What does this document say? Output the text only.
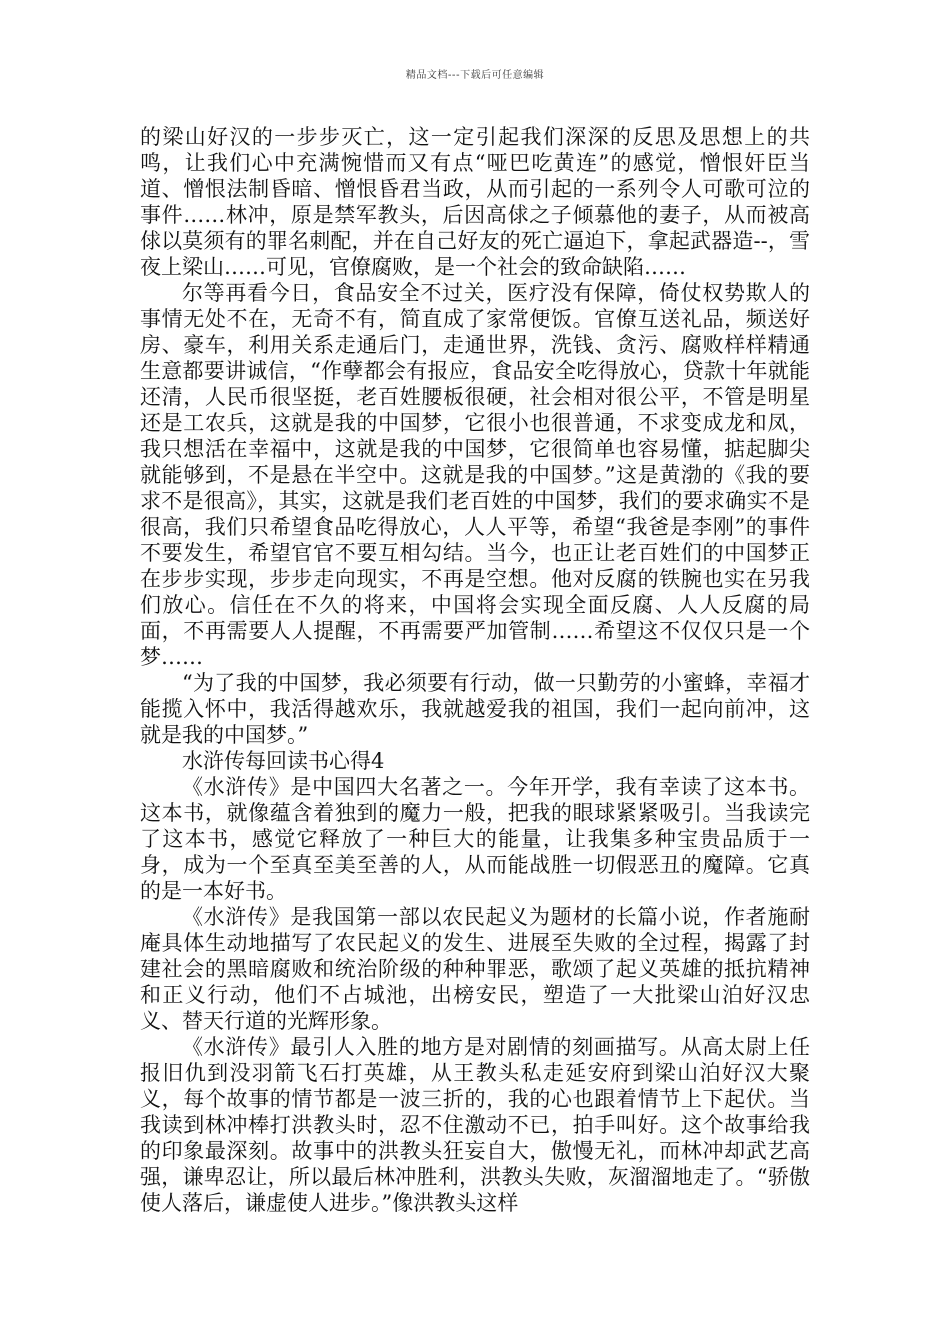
精品文档---下载后可任意编辑

的梁山好汉的一步步灭亡，这一定引起我们深深的反思及思想上的共鸣，让我们心中充满惋惜而又有点“哑巴吃黄连”的感觉，憎恨奸臣当道、憎恨法制昏暗、憎恨昏君当政，从而引起的一系列令人可歌可泣的事件……林冲，原是禁军教头，后因高俅之子倾慕他的妻子，从而被高俅以莫须有的罪名刺配，并在自己好友的死亡逼迫下，拿起武器造--，雪夜上梁山……可见，官僚腐败，是一个社会的致命缺陷……

尔等再看今日，食品安全不过关，医疗没有保障，倚仗权势欺人的事情无处不在，无奇不有，简直成了家常便饭。官僚互送礼品，频送好房、豪车，利用关系走通后门，走通世界，洗钱、贪污、腐败样样精通生意都要讲诚信，“作孽都会有报应，食品安全吃得放心，贷款十年就能还清，人民币很坚挺，老百姓腰板很硬，社会相对很公平，不管是明星还是工农兵，这就是我的中国梦，它很小也很普通，不求变成龙和凤，我只想活在幸福中，这就是我的中国梦，它很简单也容易懂，掂起脚尖就能够到，不是悬在半空中。这就是我的中国梦。”这是黄渤的《我的要求不是很高》，其实，这就是我们老百姓的中国梦，我们的要求确实不是很高，我们只希望食品吃得放心，人人平等，希望“我爸是李刚”的事件不要发生，希望官官不要互相勾结。当今，也正让老百姓们的中国梦正在步步实现，步步走向现实，不再是空想。他对反腐的铁腕也实在另我们放心。信任在不久的将来，中国将会实现全面反腐、人人反腐的局面，不再需要人人提醒，不再需要严加管制……希望这不仅仅只是一个梦……

“为了我的中国梦，我必须要有行动，做一只勤劳的小蜜蜂，幸福才能揽入怀中，我活得越欢乐，我就越爱我的祖国，我们一起向前冲，这就是我的中国梦。”

水浒传每回读书心得4

《水浒传》是中国四大名著之一。今年开学，我有幸读了这本书。这本书，就像蕴含着独到的魔力一般，把我的眼球紧紧吸引。当我读完了这本书，感觉它释放了一种巨大的能量，让我集多种宝贵品质于一身，成为一个至真至美至善的人，从而能战胜一切假恶丑的魔障。它真的是一本好书。

《水浒传》是我国第一部以农民起义为题材的长篇小说，作者施耐庵具体生动地描写了农民起义的发生、进展至失败的全过程，揭露了封建社会的黑暗腐败和统治阶级的种种罪恶，歌颂了起义英雄的抵抗精神和正义行动，他们不占城池，出榜安民，塑造了一大批梁山泊好汉忠义、替天行道的光辉形象。

《水浒传》最引人入胜的地方是对剧情的刻画描写。从高太尉上任报旧仇到没羽箭飞石打英雄，从王教头私走延安府到梁山泊好汉大聚义，每个故事的情节都是一波三折的，我的心也跟着情节上下起伏。当我读到林冲棒打洪教头时，忍不住激动不已，拍手叫好。这个故事给我的印象最深刻。故事中的洪教头狂妄自大，傲慢无礼，而林冲却武艺高强，谦卑忍让，所以最后林冲胜利，洪教头失败，灰溜溜地走了。“骄傲使人落后，谦虚使人进步。”像洪教头这样
